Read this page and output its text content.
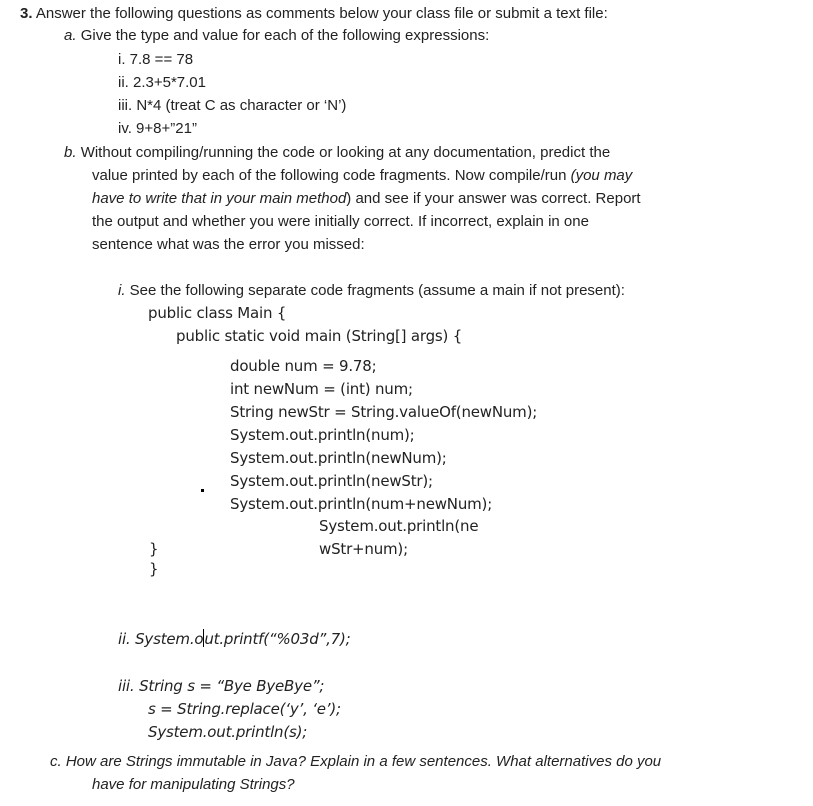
3. Answer the following questions as comments below your class file or submit a text file:
a. Give the type and value for each of the following expressions:
i. 7.8 == 78
ii. 2.3+5*7.01
iii. N*4 (treat C as character or ‘N’)
iv. 9+8+”21”
b. Without compiling/running the code or looking at any documentation, predict the
value printed by each of the following code fragments. Now compile/run (you may
have to write that in your main method) and see if your answer was correct. Report
the output and whether you were initially correct. If incorrect, explain in one
sentence what was the error you missed:
i. See the following separate code fragments (assume a main if not present):
public class Main {
public static void main (String[] args) {
double num = 9.78;
int newNum = (int) num;
String newStr = String.valueOf(newNum);
System.out.println(num);
System.out.println(newNum);
System.out.println(newStr);
System.out.println(num+newNum);
System.out.println(ne
wStr+num);
}
}
ii. System.out.printf(“%03d”,7);
iii. String s = “Bye ByeBye”;
s = String.replace(‘y’, ‘e’);
System.out.println(s);
c. How are Strings immutable in Java? Explain in a few sentences. What alternatives do you
have for manipulating Strings?
